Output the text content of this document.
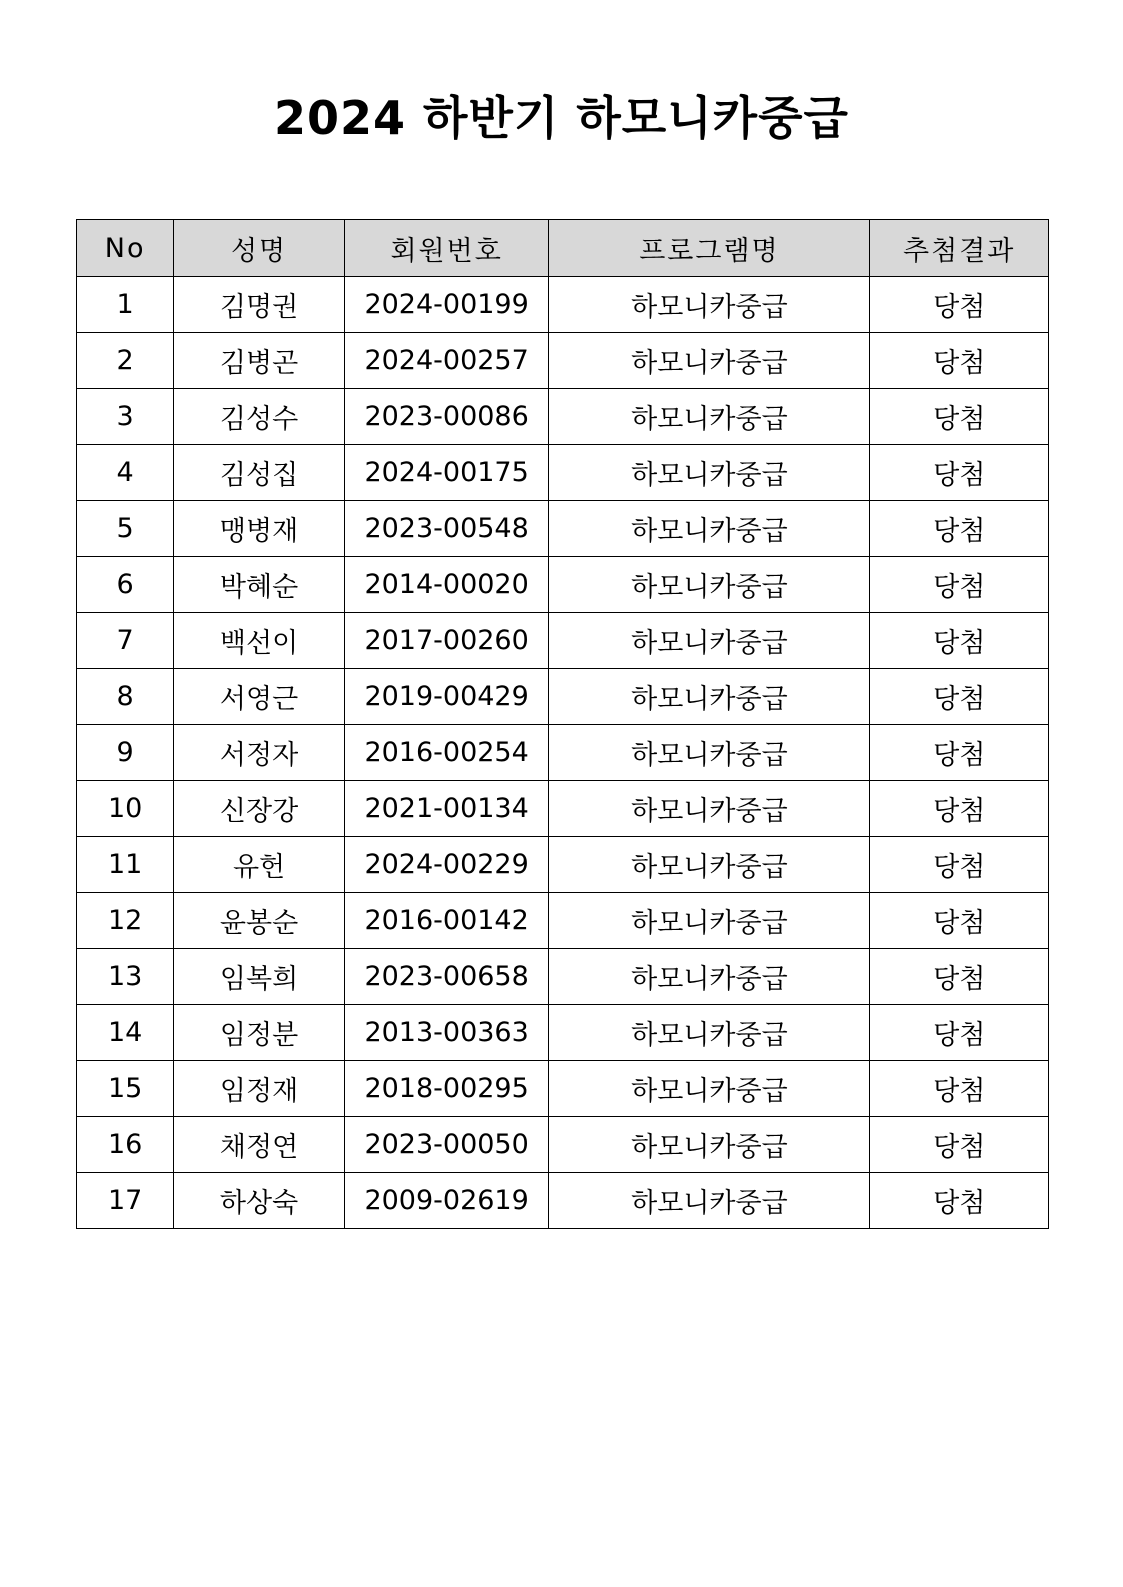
2024 하반기 하모니카중급
No	성명	회원번호	프로그램명	추첨결과
1	김명권	2024-00199	하모니카중급	당첨
2	김병곤	2024-00257	하모니카중급	당첨
3	김성수	2023-00086	하모니카중급	당첨
4	김성집	2024-00175	하모니카중급	당첨
5	맹병재	2023-00548	하모니카중급	당첨
6	박혜순	2014-00020	하모니카중급	당첨
7	백선이	2017-00260	하모니카중급	당첨
8	서영근	2019-00429	하모니카중급	당첨
9	서정자	2016-00254	하모니카중급	당첨
10	신장강	2021-00134	하모니카중급	당첨
11	유헌	2024-00229	하모니카중급	당첨
12	윤봉순	2016-00142	하모니카중급	당첨
13	임복희	2023-00658	하모니카중급	당첨
14	임정분	2013-00363	하모니카중급	당첨
15	임정재	2018-00295	하모니카중급	당첨
16	채정연	2023-00050	하모니카중급	당첨
17	하상숙	2009-02619	하모니카중급	당첨
